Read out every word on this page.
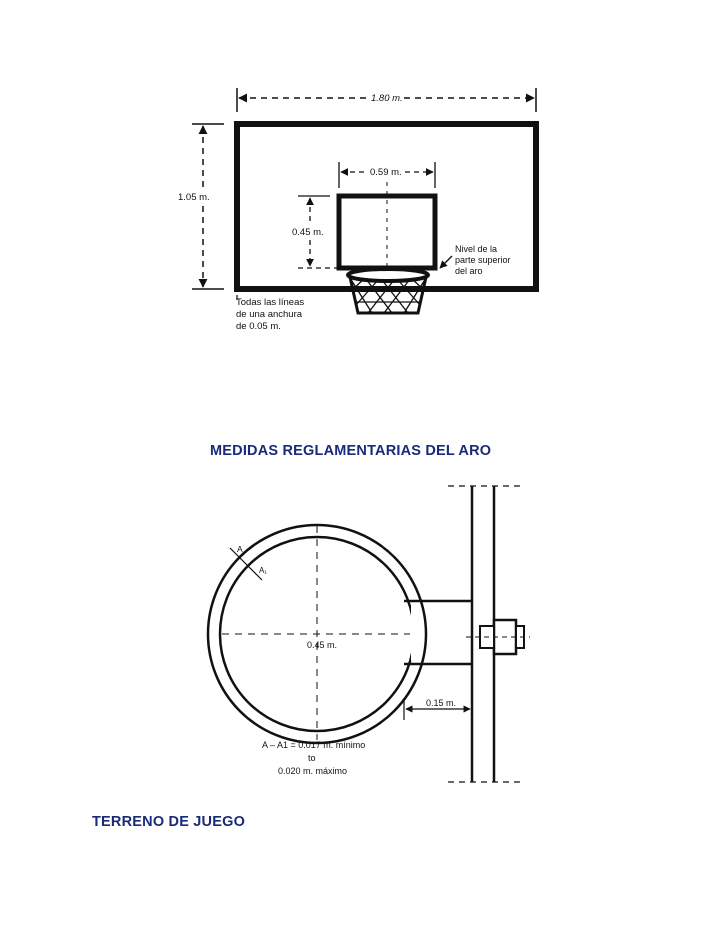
1.80 m.
1.05 m.
0.59 m.
0.45 m.
Nivel de la
parte superior
del aro
Todas las líneas
de una anchura
de 0.05 m.
0.45 m.
A
A₁
0.15 m.
A – A1 = 0.017 m. mínimo
to
0.020 m. máximo
MEDIDAS REGLAMENTARIAS DEL ARO
TERRENO DE JUEGO
